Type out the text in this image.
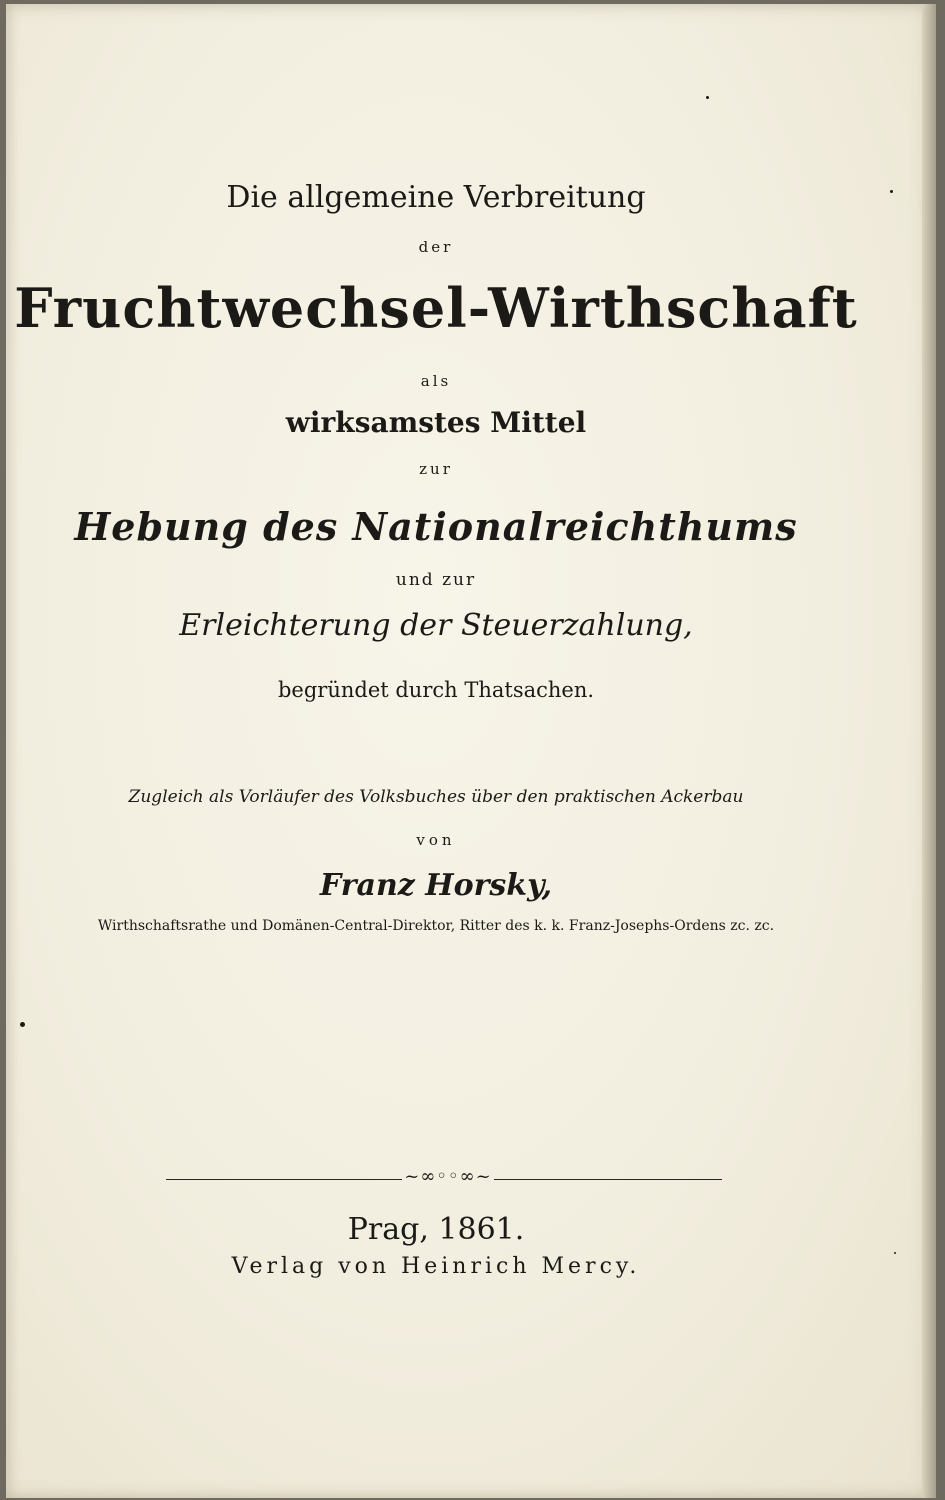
Die allgemeine Verbreitung
der
Fruchtwechsel-Wirthschaft
als
wirksamstes Mittel
zur
Hebung des Nationalreichthums
und zur
Erleichterung der Steuerzahlung,
begründet durch Thatsachen.
Zugleich als Vorläufer des Volksbuches über den praktischen Ackerbau
von
Franz Horsky,
Wirthschaftsrathe und Domänen-Central-Direktor, Ritter des k. k. Franz-Josephs-Ordens zc. zc.
~∞◦◦∞~
Prag, 1861.
Verlag von Heinrich Mercy.
